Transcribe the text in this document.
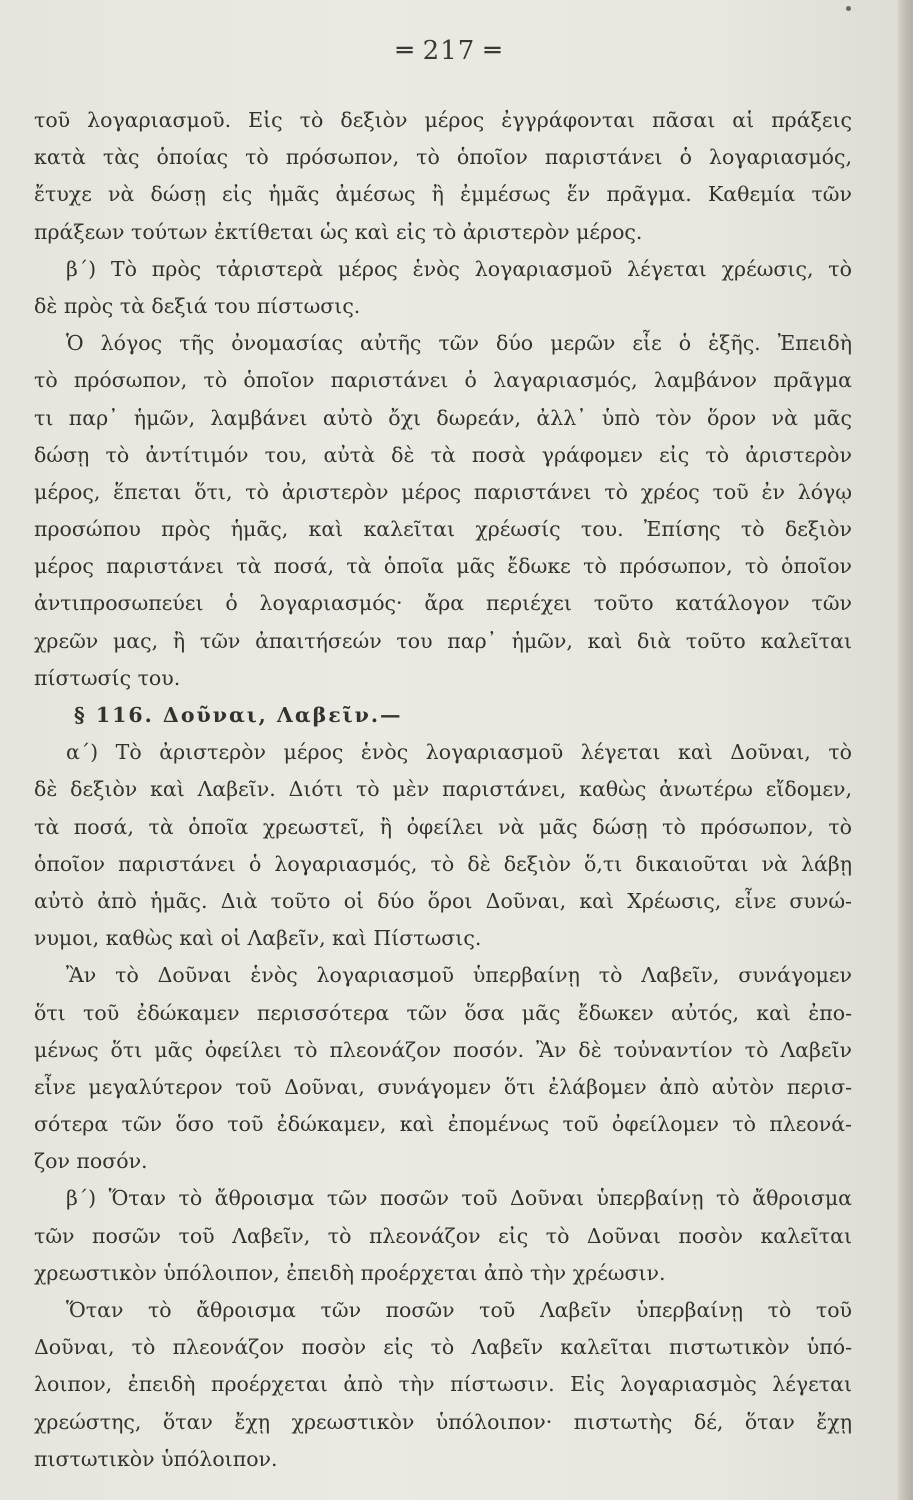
═ 217 ═
τοῦ λογαριασμοῦ. Εἰς τὸ δεξιὸν μέρος ἐγγράφονται πᾶσαι αἱ πράξεις
κατὰ τὰς ὁποίας τὸ πρόσωπον, τὸ ὁποῖον παριστάνει ὁ λογαριασμός,
ἔτυχε νὰ δώσῃ εἰς ἡμᾶς ἀμέσως ἢ ἐμμέσως ἕν πρᾶγμα. Καθεμία τῶν
πράξεων τούτων ἐκτίθεται ὡς καὶ εἰς τὸ ἀριστερὸν μέρος.
β΄) Τὸ πρὸς τἀριστερὰ μέρος ἑνὸς λογαριασμοῦ λέγεται χρέωσις, τὸ
δὲ πρὸς τὰ δεξιά του πίστωσις.
Ὁ λόγος τῆς ὀνομασίας αὐτῆς τῶν δύο μερῶν εἶε ὁ ἑξῆς. Ἐπειδὴ
τὸ πρόσωπον, τὸ ὁποῖον παριστάνει ὁ λαγαριασμός, λαμβάνον πρᾶγμα
τι παρ᾽ ἡμῶν, λαμβάνει αὐτὸ ὄχι δωρεάν, ἀλλ᾽ ὑπὸ τὸν ὅρον νὰ μᾶς
δώσῃ τὸ ἀντίτιμόν του, αὐτὰ δὲ τὰ ποσὰ γράφομεν εἰς τὸ ἀριστερὸν
μέρος, ἕπεται ὅτι, τὸ ἀριστερὸν μέρος παριστάνει τὸ χρέος τοῦ ἐν λόγῳ
προσώπου πρὸς ἡμᾶς, καὶ καλεῖται χρέωσίς του. Ἐπίσης τὸ δεξιὸν
μέρος παριστάνει τὰ ποσά, τὰ ὁποῖα μᾶς ἔδωκε τὸ πρόσωπον, τὸ ὁποῖον
ἀντιπροσωπεύει ὁ λογαριασμός· ἄρα περιέχει τοῦτο κατάλογον τῶν
χρεῶν μας, ἢ τῶν ἀπαιτήσεών του παρ᾽ ἡμῶν, καὶ διὰ τοῦτο καλεῖται
πίστωσίς του.
§ 116. Δοῦναι, Λαβεῖν.—
α΄) Τὸ ἀριστερὸν μέρος ἑνὸς λογαριασμοῦ λέγεται καὶ Δοῦναι, τὸ
δὲ δεξιὸν καὶ Λαβεῖν. Διότι τὸ μὲν παριστάνει, καθὼς ἀνωτέρω εἴδομεν,
τὰ ποσά, τὰ ὁποῖα χρεωστεῖ, ἢ ὀφείλει νὰ μᾶς δώσῃ τὸ πρόσωπον, τὸ
ὁποῖον παριστάνει ὁ λογαριασμός, τὸ δὲ δεξιὸν ὅ,τι δικαιοῦται νὰ λάβῃ
αὐτὸ ἀπὸ ἡμᾶς. Διὰ τοῦτο οἱ δύο ὅροι Δοῦναι, καὶ Χρέωσις, εἶνε συνώ-
νυμοι, καθὼς καὶ οἱ Λαβεῖν, καὶ Πίστωσις.
Ἂν τὸ Δοῦναι ἑνὸς λογαριασμοῦ ὑπερβαίνῃ τὸ Λαβεῖν, συνάγομεν
ὅτι τοῦ ἐδώκαμεν περισσότερα τῶν ὅσα μᾶς ἔδωκεν αὐτός, καὶ ἐπο-
μένως ὅτι μᾶς ὀφείλει τὸ πλεονάζον ποσόν. Ἂν δὲ τοὐναντίον τὸ Λαβεῖν
εἶνε μεγαλύτερον τοῦ Δοῦναι, συνάγομεν ὅτι ἐλάβομεν ἀπὸ αὐτὸν περισ-
σότερα τῶν ὅσο τοῦ ἐδώκαμεν, καὶ ἐπομένως τοῦ ὀφείλομεν τὸ πλεονά-
ζον ποσόν.
β΄) Ὅταν τὸ ἄθροισμα τῶν ποσῶν τοῦ Δοῦναι ὑπερβαίνῃ τὸ ἄθροισμα
τῶν ποσῶν τοῦ Λαβεῖν, τὸ πλεονάζον εἰς τὸ Δοῦναι ποσὸν καλεῖται
χρεωστικὸν ὑπόλοιπον, ἐπειδὴ προέρχεται ἀπὸ τὴν χρέωσιν.
Ὅταν τὸ ἄθροισμα τῶν ποσῶν τοῦ Λαβεῖν ὑπερβαίνῃ τὸ τοῦ
Δοῦναι, τὸ πλεονάζον ποσὸν εἰς τὸ Λαβεῖν καλεῖται πιστωτικὸν ὑπό-
λοιπον, ἐπειδὴ προέρχεται ἀπὸ τὴν πίστωσιν. Εἰς λογαριασμὸς λέγεται
χρεώστης, ὅταν ἔχῃ χρεωστικὸν ὑπόλοιπον· πιστωτὴς δέ, ὅταν ἔχῃ
πιστωτικὸν ὑπόλοιπον.
